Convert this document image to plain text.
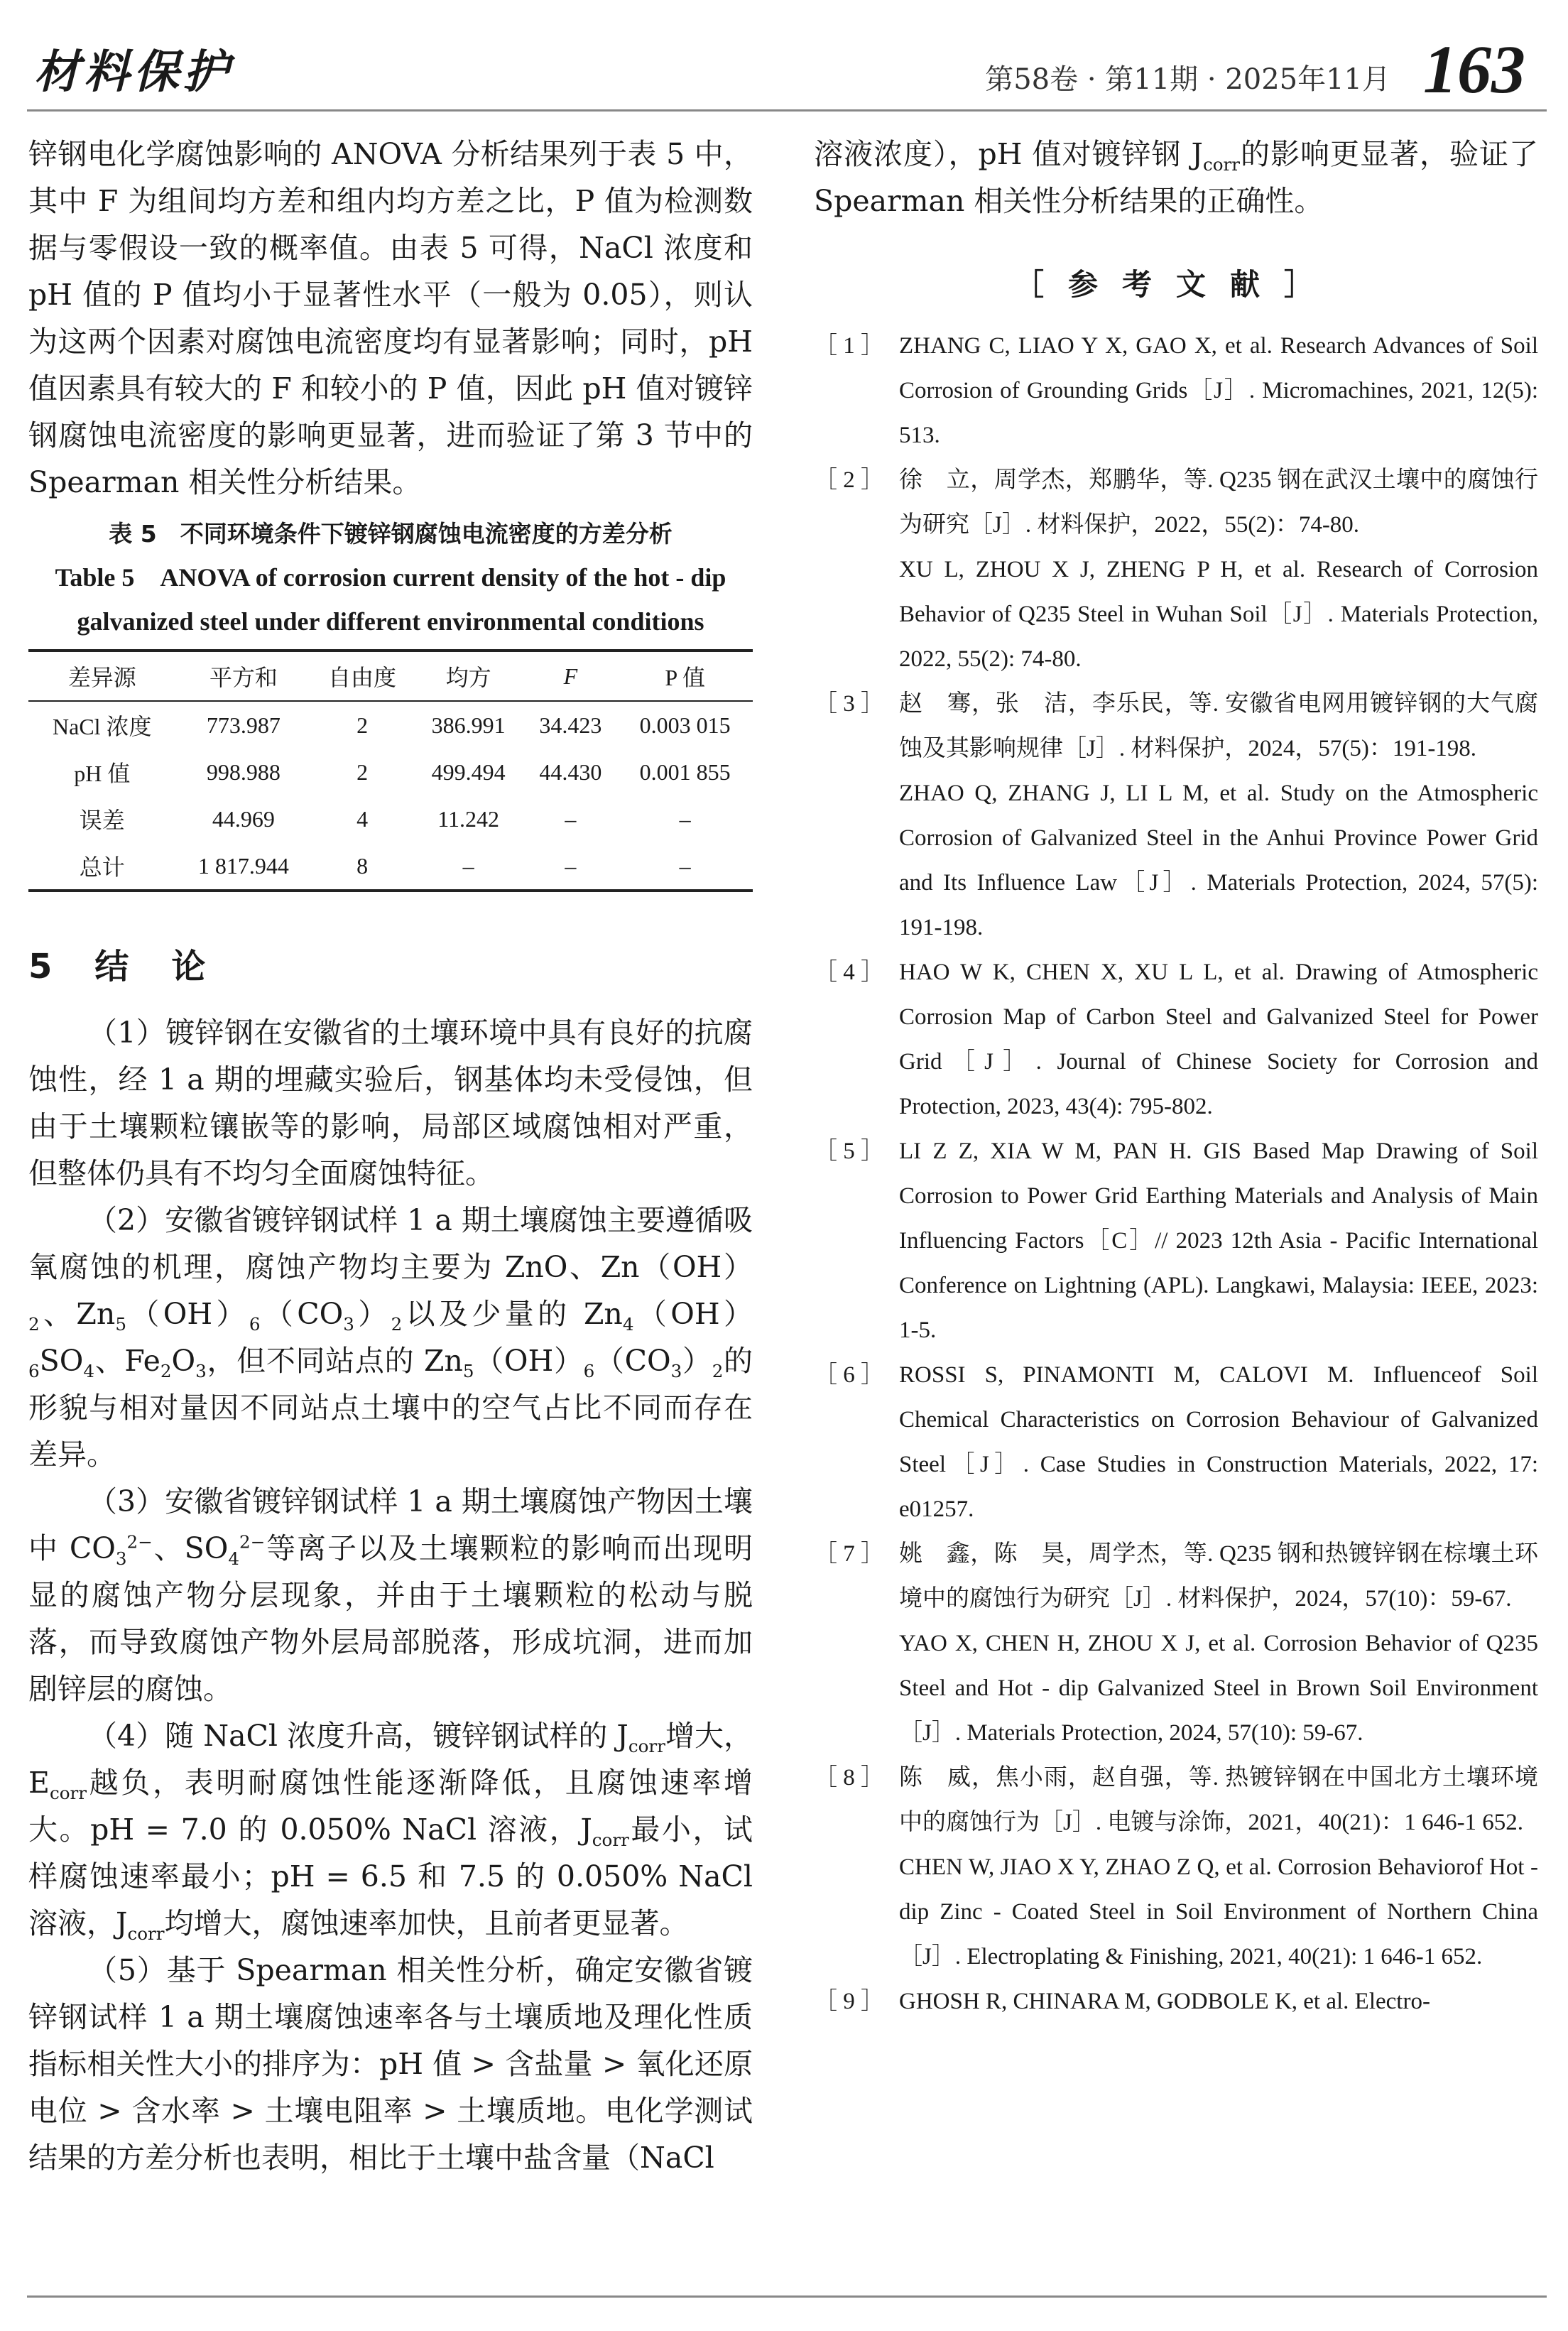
材料保护	第58卷 · 第11期 · 2025年11月 163

锌钢电化学腐蚀影响的 ANOVA 分析结果列于表 5 中，其中 F 为组间均方差和组内均方差之比，P 值为检测数据与零假设一致的概率值。由表 5 可得，NaCl 浓度和 pH 值的 P 值均小于显著性水平（一般为 0.05），则认为这两个因素对腐蚀电流密度均有显著影响；同时，pH 值因素具有较大的 F 和较小的 P 值，因此 pH 值对镀锌钢腐蚀电流密度的影响更显著，进而验证了第 3 节中的 Spearman 相关性分析结果。

表 5　不同环境条件下镀锌钢腐蚀电流密度的方差分析
Table 5　ANOVA of corrosion current density of the hot - dip
galvanized steel under different environmental conditions
差异源	平方和	自由度	均方	F	P 值
NaCl 浓度	773.987	2	386.991	34.423	0.003 015
pH 值	998.988	2	499.494	44.430	0.001 855
误差	44.969	4	11.242	–	–
总计	1 817.944	8	–	–	–
5　结　论

（1）镀锌钢在安徽省的土壤环境中具有良好的抗腐蚀性，经 1 a 期的埋藏实验后，钢基体均未受侵蚀，但由于土壤颗粒镶嵌等的影响，局部区域腐蚀相对严重，但整体仍具有不均匀全面腐蚀特征。

（2）安徽省镀锌钢试样 1 a 期土壤腐蚀主要遵循吸氧腐蚀的机理，腐蚀产物均主要为 ZnO、$Zn(OH)_2$、$Zn_5(OH)_6(CO_3)_2$以及少量的 $Zn_4(OH)_6SO_4$、$Fe_2O_3$，但不同站点的 $Zn_5(OH)_6(CO_3)_2$的形貌与相对量因不同站点土壤中的空气占比不同而存在差异。

（3）安徽省镀锌钢试样 1 a 期土壤腐蚀产物因土壤中 $CO_3^{2-}$、$SO_4^{2-}$等离子以及土壤颗粒的影响而出现明显的腐蚀产物分层现象，并由于土壤颗粒的松动与脱落，而导致腐蚀产物外层局部脱落，形成坑洞，进而加剧锌层的腐蚀。

（4）随 NaCl 浓度升高，镀锌钢试样的 $J_{corr}$增大，$E_{corr}$越负，表明耐腐蚀性能逐渐降低，且腐蚀速率增大。pH = 7.0 的 0.050% NaCl 溶液，$J_{corr}$最小，试样腐蚀速率最小；pH = 6.5 和 7.5 的 0.050% NaCl 溶液，$J_{corr}$均增大，腐蚀速率加快，且前者更显著。

（5）基于 Spearman 相关性分析，确定安徽省镀锌钢试样 1 a 期土壤腐蚀速率各与土壤质地及理化性质指标相关性大小的排序为：pH 值 > 含盐量 > 氧化还原电位 > 含水率 > 土壤电阻率 > 土壤质地。电化学测试结果的方差分析也表明，相比于土壤中盐含量（NaCl

溶液浓度），pH 值对镀锌钢 $J_{corr}$的影响更显著，验证了 Spearman 相关性分析结果的正确性。

［参考文献］
［ 1 ］ ZHANG C, LIAO Y X, GAO X, et al. Research Advances of Soil Corrosion of Grounding Grids［J］. Micromachines, 2021, 12(5): 513.
［ 2 ］ 徐　立，周学杰，郑鹏华，等. Q235 钢在武汉土壤中的腐蚀行为研究［J］. 材料保护，2022，55(2)：74-80.
XU L, ZHOU X J, ZHENG P H, et al. Research of Corrosion Behavior of Q235 Steel in Wuhan Soil［J］. Materials Protection, 2022, 55(2): 74-80.
［ 3 ］ 赵　骞，张　洁，李乐民，等. 安徽省电网用镀锌钢的大气腐蚀及其影响规律［J］. 材料保护，2024，57(5)：191-198.
ZHAO Q, ZHANG J, LI L M, et al. Study on the Atmospheric Corrosion of Galvanized Steel in the Anhui Province Power Grid and Its Influence Law［J］. Materials Protection, 2024, 57(5): 191-198.
［ 4 ］ HAO W K, CHEN X, XU L L, et al. Drawing of Atmospheric Corrosion Map of Carbon Steel and Galvanized Steel for Power Grid［J］. Journal of Chinese Society for Corrosion and Protection, 2023, 43(4): 795-802.
［ 5 ］ LI Z Z, XIA W M, PAN H. GIS Based Map Drawing of Soil Corrosion to Power Grid Earthing Materials and Analysis of Main Influencing Factors［C］// 2023 12th Asia - Pacific International Conference on Lightning (APL). Langkawi, Malaysia: IEEE, 2023: 1-5.
［ 6 ］ ROSSI S, PINAMONTI M, CALOVI M. Influenceof Soil Chemical Characteristics on Corrosion Behaviour of Galvanized Steel［J］. Case Studies in Construction Materials, 2022, 17: e01257.
［ 7 ］ 姚　鑫，陈　昊，周学杰，等. Q235 钢和热镀锌钢在棕壤土环境中的腐蚀行为研究［J］. 材料保护，2024，57(10)：59-67.
YAO X, CHEN H, ZHOU X J, et al. Corrosion Behavior of Q235 Steel and Hot - dip Galvanized Steel in Brown Soil Environment［J］. Materials Protection, 2024, 57(10): 59-67.
［ 8 ］ 陈　威，焦小雨，赵自强，等. 热镀锌钢在中国北方土壤环境中的腐蚀行为［J］. 电镀与涂饰，2021，40(21)：1 646-1 652.
CHEN W, JIAO X Y, ZHAO Z Q, et al. Corrosion Behaviorof Hot - dip Zinc - Coated Steel in Soil Environment of Northern China［J］. Electroplating & Finishing, 2021, 40(21): 1 646-1 652.
［ 9 ］ GHOSH R, CHINARA M, GODBOLE K, et al. Electro-
